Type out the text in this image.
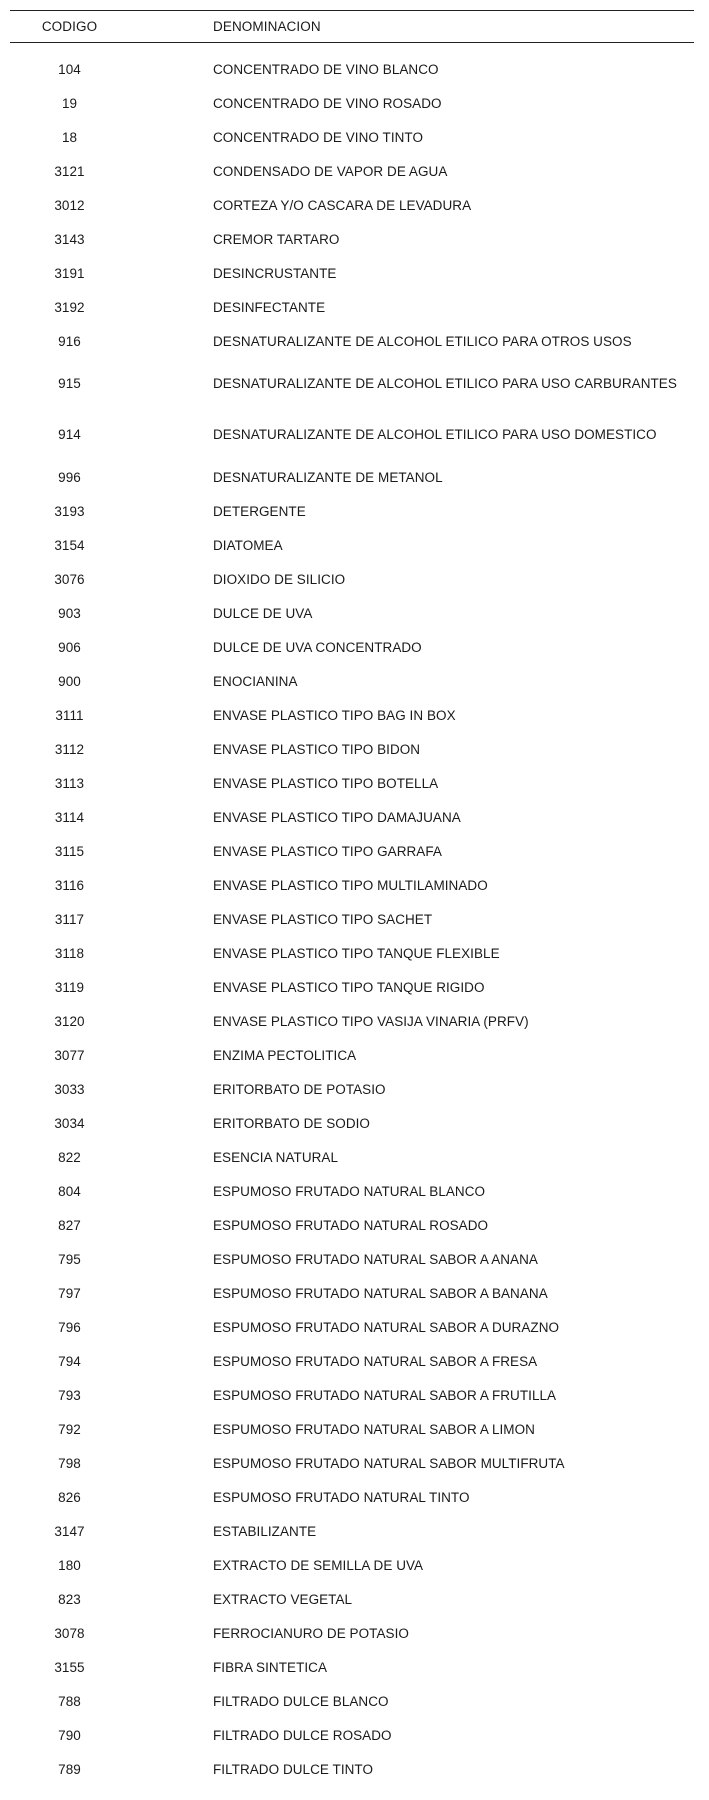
CODIGO	DENOMINACION
104	CONCENTRADO DE VINO BLANCO
19	CONCENTRADO DE VINO ROSADO
18	CONCENTRADO DE VINO TINTO
3121	CONDENSADO DE VAPOR DE AGUA
3012	CORTEZA Y/O CASCARA DE LEVADURA
3143	CREMOR TARTARO
3191	DESINCRUSTANTE
3192	DESINFECTANTE
916	DESNATURALIZANTE DE ALCOHOL ETILICO PARA OTROS USOS
915	DESNATURALIZANTE DE ALCOHOL ETILICO PARA USO CARBURANTES
914	DESNATURALIZANTE DE ALCOHOL ETILICO PARA USO DOMESTICO
996	DESNATURALIZANTE DE METANOL
3193	DETERGENTE
3154	DIATOMEA
3076	DIOXIDO DE SILICIO
903	DULCE DE UVA
906	DULCE DE UVA CONCENTRADO
900	ENOCIANINA
3111	ENVASE PLASTICO TIPO BAG IN BOX
3112	ENVASE PLASTICO TIPO BIDON
3113	ENVASE PLASTICO TIPO BOTELLA
3114	ENVASE PLASTICO TIPO DAMAJUANA
3115	ENVASE PLASTICO TIPO GARRAFA
3116	ENVASE PLASTICO TIPO MULTILAMINADO
3117	ENVASE PLASTICO TIPO SACHET
3118	ENVASE PLASTICO TIPO TANQUE FLEXIBLE
3119	ENVASE PLASTICO TIPO TANQUE RIGIDO
3120	ENVASE PLASTICO TIPO VASIJA VINARIA (PRFV)
3077	ENZIMA PECTOLITICA
3033	ERITORBATO DE POTASIO
3034	ERITORBATO DE SODIO
822	ESENCIA NATURAL
804	ESPUMOSO FRUTADO NATURAL BLANCO
827	ESPUMOSO FRUTADO NATURAL ROSADO
795	ESPUMOSO FRUTADO NATURAL SABOR A ANANA
797	ESPUMOSO FRUTADO NATURAL SABOR A BANANA
796	ESPUMOSO FRUTADO NATURAL SABOR A DURAZNO
794	ESPUMOSO FRUTADO NATURAL SABOR A FRESA
793	ESPUMOSO FRUTADO NATURAL SABOR A FRUTILLA
792	ESPUMOSO FRUTADO NATURAL SABOR A LIMON
798	ESPUMOSO FRUTADO NATURAL SABOR MULTIFRUTA
826	ESPUMOSO FRUTADO NATURAL TINTO
3147	ESTABILIZANTE
180	EXTRACTO DE SEMILLA DE UVA
823	EXTRACTO VEGETAL
3078	FERROCIANURO DE POTASIO
3155	FIBRA SINTETICA
788	FILTRADO DULCE BLANCO
790	FILTRADO DULCE ROSADO
789	FILTRADO DULCE TINTO
